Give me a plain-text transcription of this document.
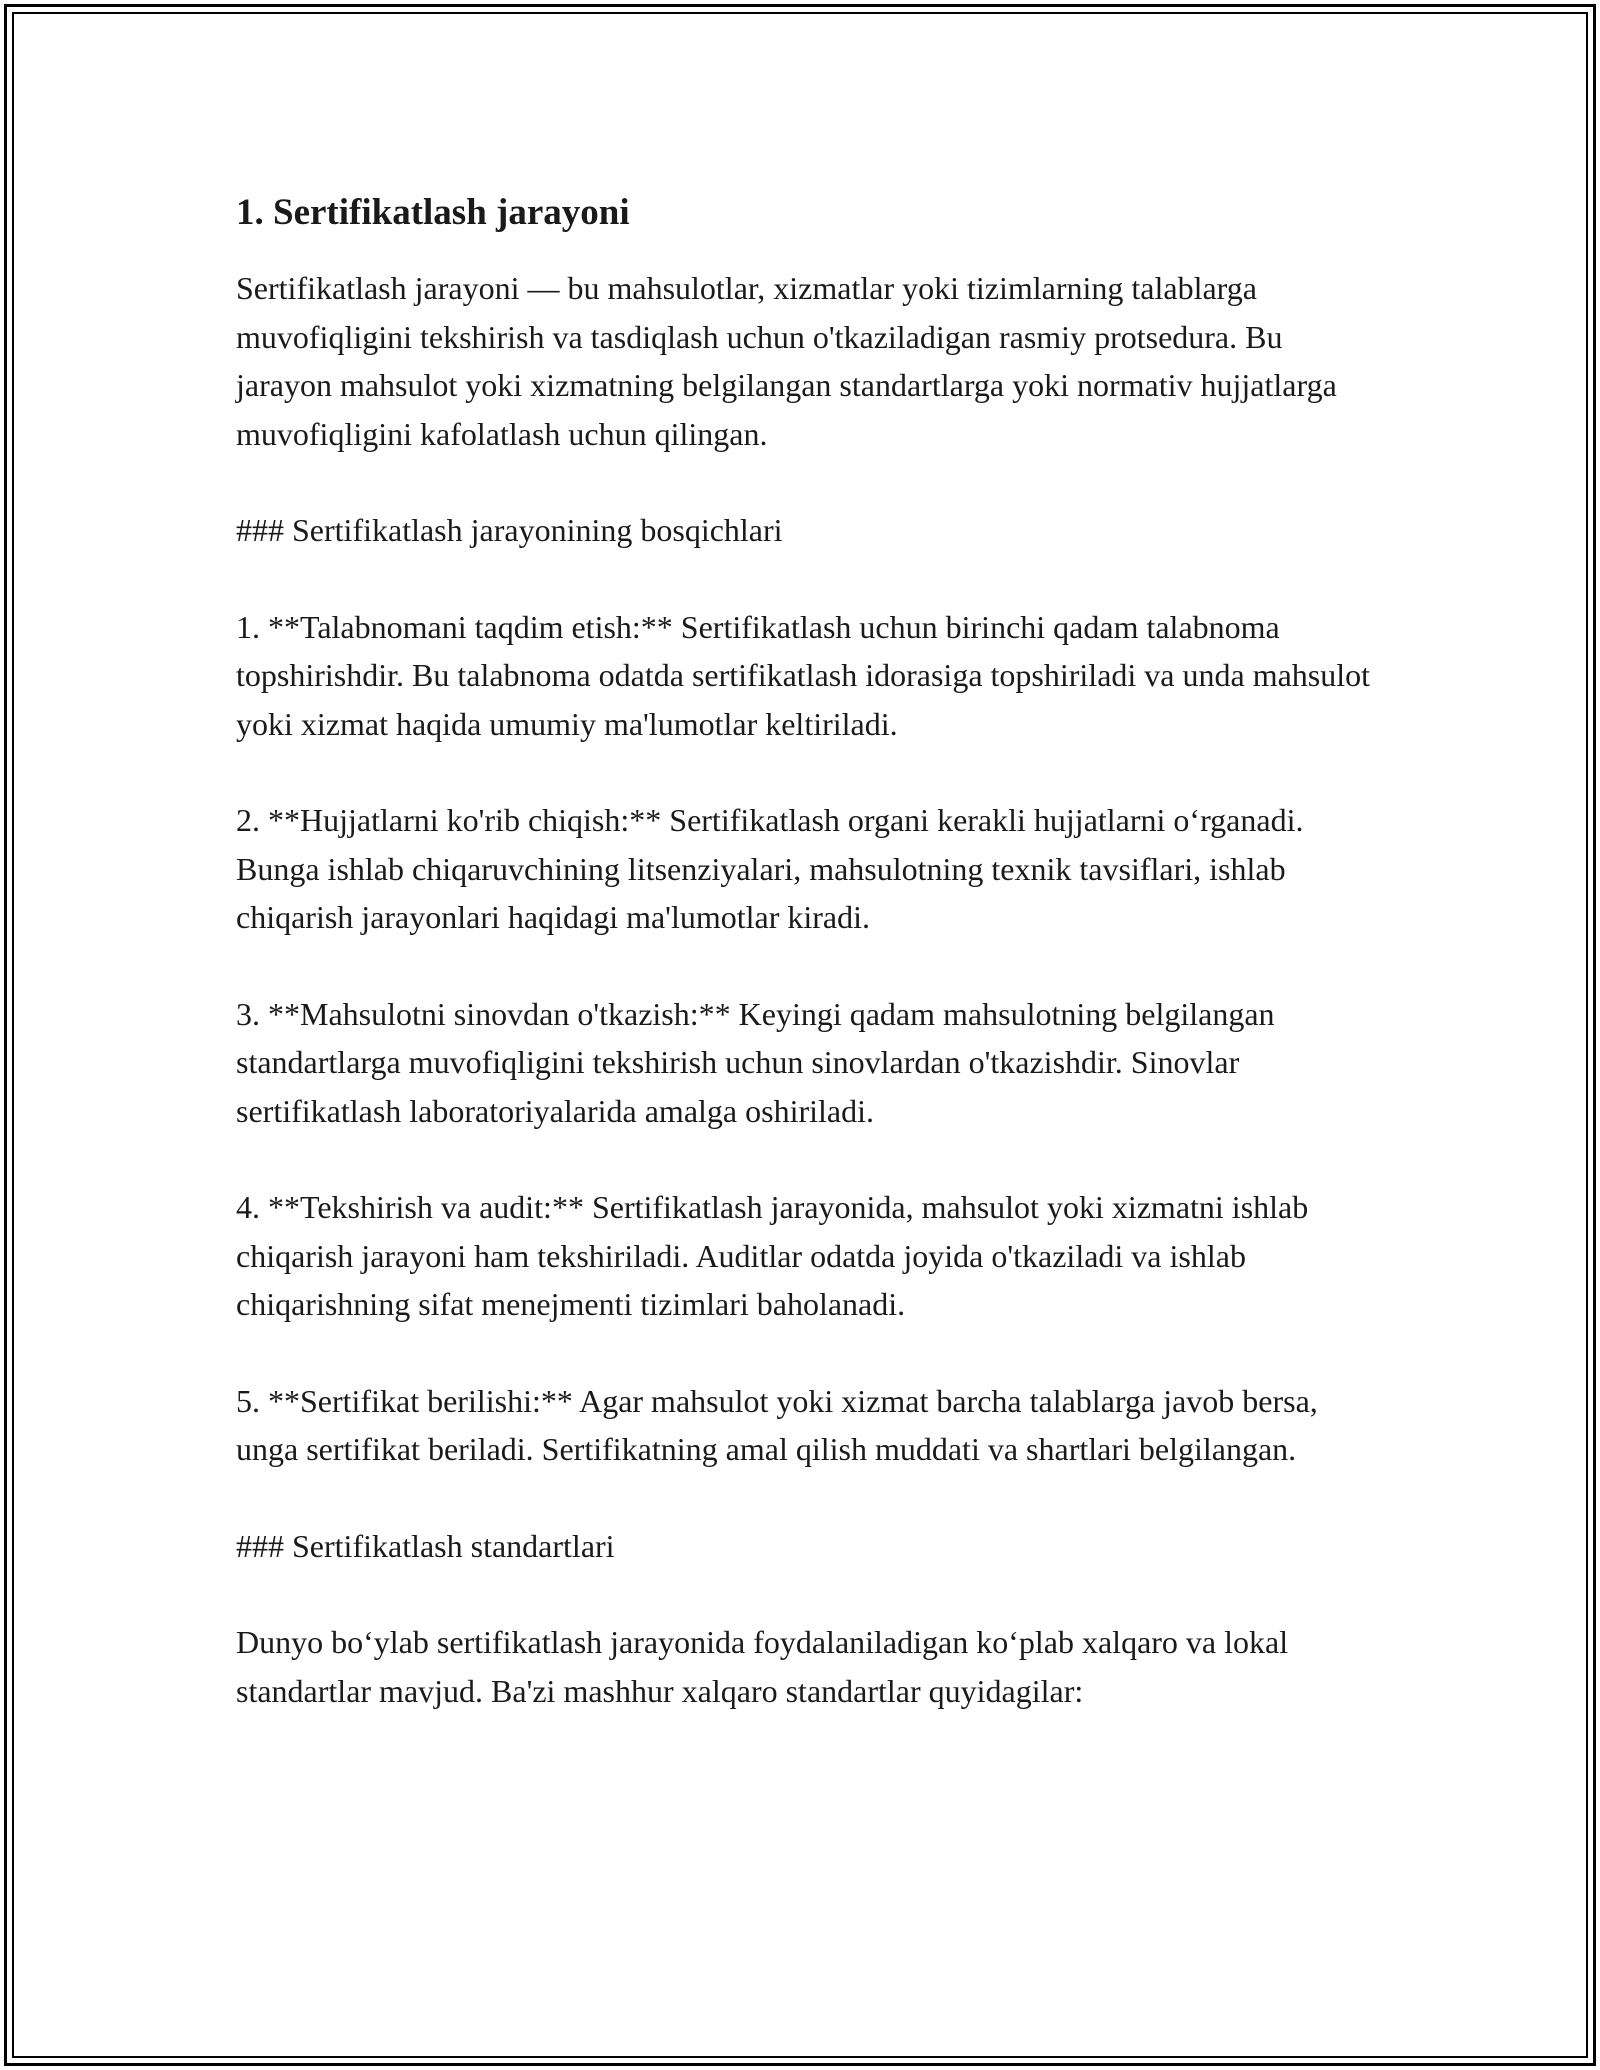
1. Sertifikatlash jarayoni

Sertifikatlash jarayoni — bu mahsulotlar, xizmatlar yoki tizimlarning talablarga muvofiqligini tekshirish va tasdiqlash uchun o'tkaziladigan rasmiy protsedura. Bu jarayon mahsulot yoki xizmatning belgilangan standartlarga yoki normativ hujjatlarga muvofiqligini kafolatlash uchun qilingan.

### Sertifikatlash jarayonining bosqichlari

1. **Talabnomani taqdim etish:** Sertifikatlash uchun birinchi qadam talabnoma topshirishdir. Bu talabnoma odatda sertifikatlash idorasiga topshiriladi va unda mahsulot yoki xizmat haqida umumiy ma'lumotlar keltiriladi.

2. **Hujjatlarni ko'rib chiqish:** Sertifikatlash organi kerakli hujjatlarni o‘rganadi. Bunga ishlab chiqaruvchining litsenziyalari, mahsulotning texnik tavsiflari, ishlab chiqarish jarayonlari haqidagi ma'lumotlar kiradi.

3. **Mahsulotni sinovdan o'tkazish:** Keyingi qadam mahsulotning belgilangan standartlarga muvofiqligini tekshirish uchun sinovlardan o'tkazishdir. Sinovlar sertifikatlash laboratoriyalarida amalga oshiriladi.

4. **Tekshirish va audit:** Sertifikatlash jarayonida, mahsulot yoki xizmatni ishlab chiqarish jarayoni ham tekshiriladi. Auditlar odatda joyida o'tkaziladi va ishlab chiqarishning sifat menejmenti tizimlari baholanadi.

5. **Sertifikat berilishi:** Agar mahsulot yoki xizmat barcha talablarga javob bersa, unga sertifikat beriladi. Sertifikatning amal qilish muddati va shartlari belgilangan.

### Sertifikatlash standartlari

Dunyo bo‘ylab sertifikatlash jarayonida foydalaniladigan ko‘plab xalqaro va lokal standartlar mavjud. Ba'zi mashhur xalqaro standartlar quyidagilar:
